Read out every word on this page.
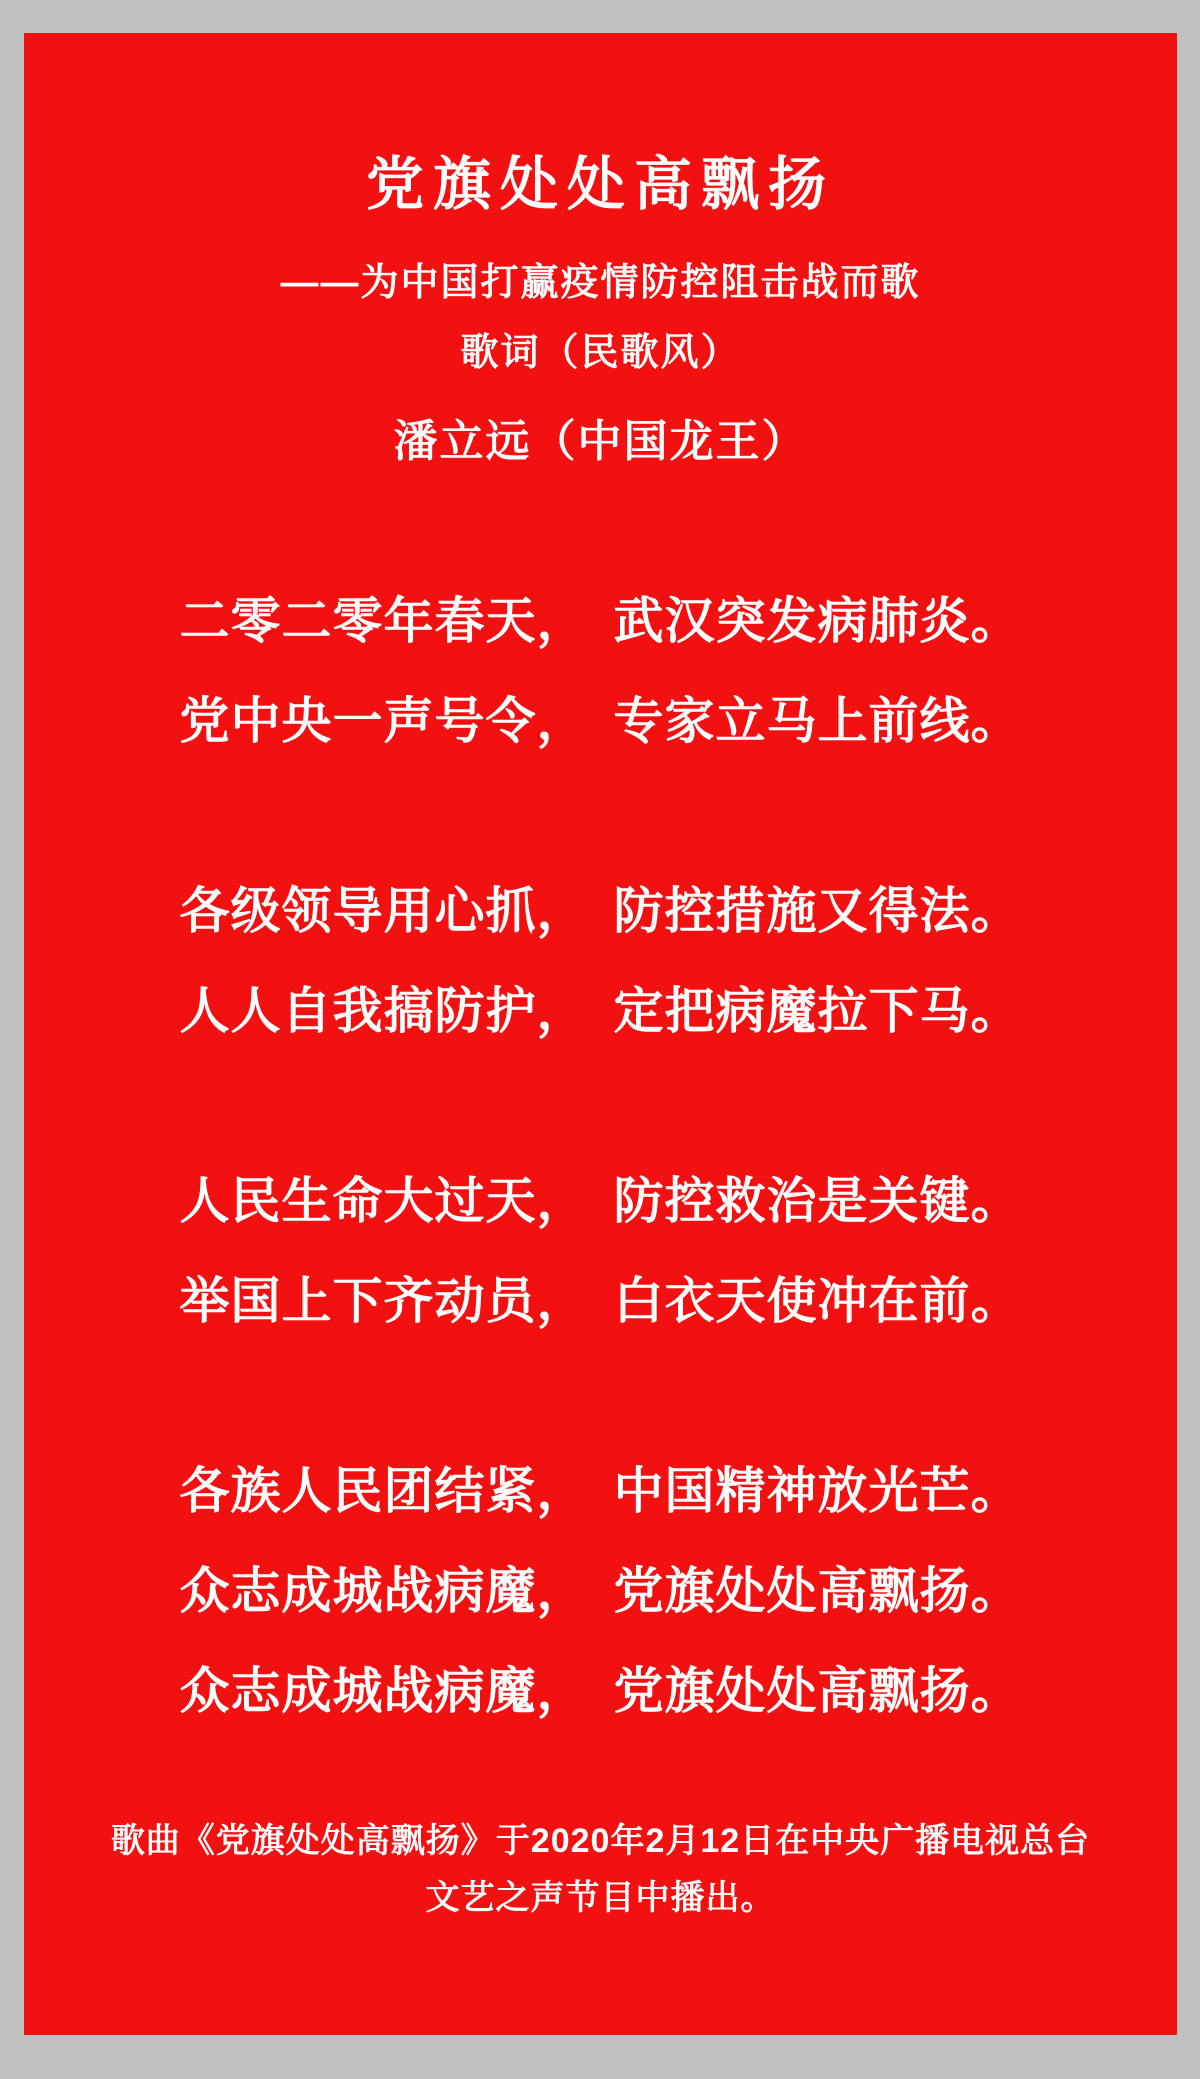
党旗处处高飘扬
——为中国打赢疫情防控阻击战而歌
歌词（民歌风）
潘立远（中国龙王）
二零二零年春天，　武汉突发病肺炎。
党中央一声号令，　专家立马上前线。
各级领导用心抓，　防控措施又得法。
人人自我搞防护，　定把病魔拉下马。
人民生命大过天，　防控救治是关键。
举国上下齐动员，　白衣天使冲在前。
各族人民团结紧，　中国精神放光芒。
众志成城战病魔，　党旗处处高飘扬。
众志成城战病魔，　党旗处处高飘扬。
歌曲《党旗处处高飘扬》于2020年2月12日在中央广播电视总台
文艺之声节目中播出。
